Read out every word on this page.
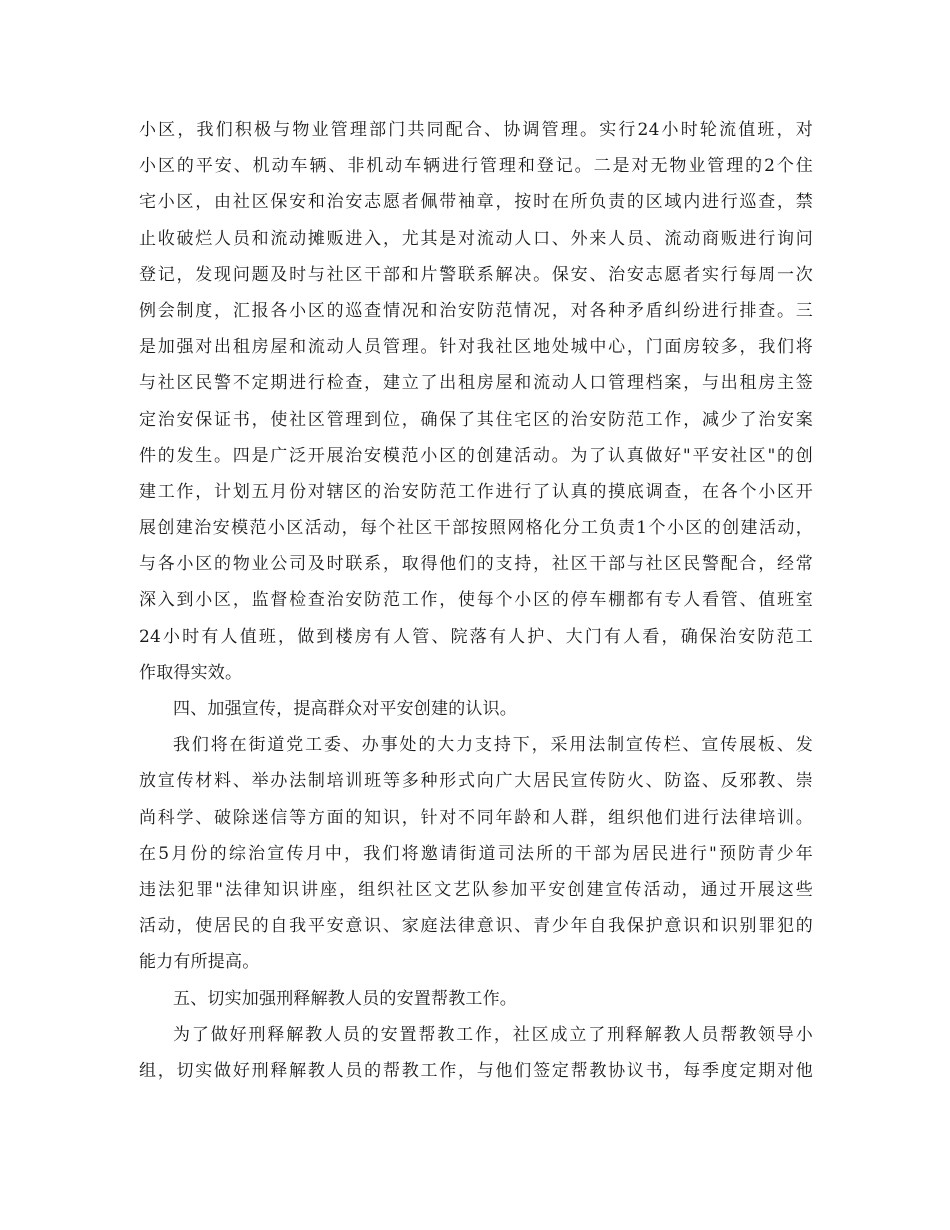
小区，我们积极与物业管理部门共同配合、协调管理。实行24小时轮流值班，对
小区的平安、机动车辆、非机动车辆进行管理和登记。二是对无物业管理的2个住
宅小区，由社区保安和治安志愿者佩带袖章，按时在所负责的区域内进行巡查，禁
止收破烂人员和流动摊贩进入，尤其是对流动人口、外来人员、流动商贩进行询问
登记，发现问题及时与社区干部和片警联系解决。保安、治安志愿者实行每周一次
例会制度，汇报各小区的巡查情况和治安防范情况，对各种矛盾纠纷进行排查。三
是加强对出租房屋和流动人员管理。针对我社区地处城中心，门面房较多，我们将
与社区民警不定期进行检查，建立了出租房屋和流动人口管理档案，与出租房主签
定治安保证书，使社区管理到位，确保了其住宅区的治安防范工作，减少了治安案
件的发生。四是广泛开展治安模范小区的创建活动。为了认真做好"平安社区"的创
建工作，计划五月份对辖区的治安防范工作进行了认真的摸底调查，在各个小区开
展创建治安模范小区活动，每个社区干部按照网格化分工负责1个小区的创建活动，
与各小区的物业公司及时联系，取得他们的支持，社区干部与社区民警配合，经常
深入到小区，监督检查治安防范工作，使每个小区的停车棚都有专人看管、值班室
24小时有人值班，做到楼房有人管、院落有人护、大门有人看，确保治安防范工
作取得实效。
四、加强宣传，提高群众对平安创建的认识。
我们将在街道党工委、办事处的大力支持下，采用法制宣传栏、宣传展板、发
放宣传材料、举办法制培训班等多种形式向广大居民宣传防火、防盗、反邪教、崇
尚科学、破除迷信等方面的知识，针对不同年龄和人群，组织他们进行法律培训。
在5月份的综治宣传月中，我们将邀请街道司法所的干部为居民进行"预防青少年
违法犯罪"法律知识讲座，组织社区文艺队参加平安创建宣传活动，通过开展这些
活动，使居民的自我平安意识、家庭法律意识、青少年自我保护意识和识别罪犯的
能力有所提高。
五、切实加强刑释解教人员的安置帮教工作。
为了做好刑释解教人员的安置帮教工作，社区成立了刑释解教人员帮教领导小
组，切实做好刑释解教人员的帮教工作，与他们签定帮教协议书，每季度定期对他
